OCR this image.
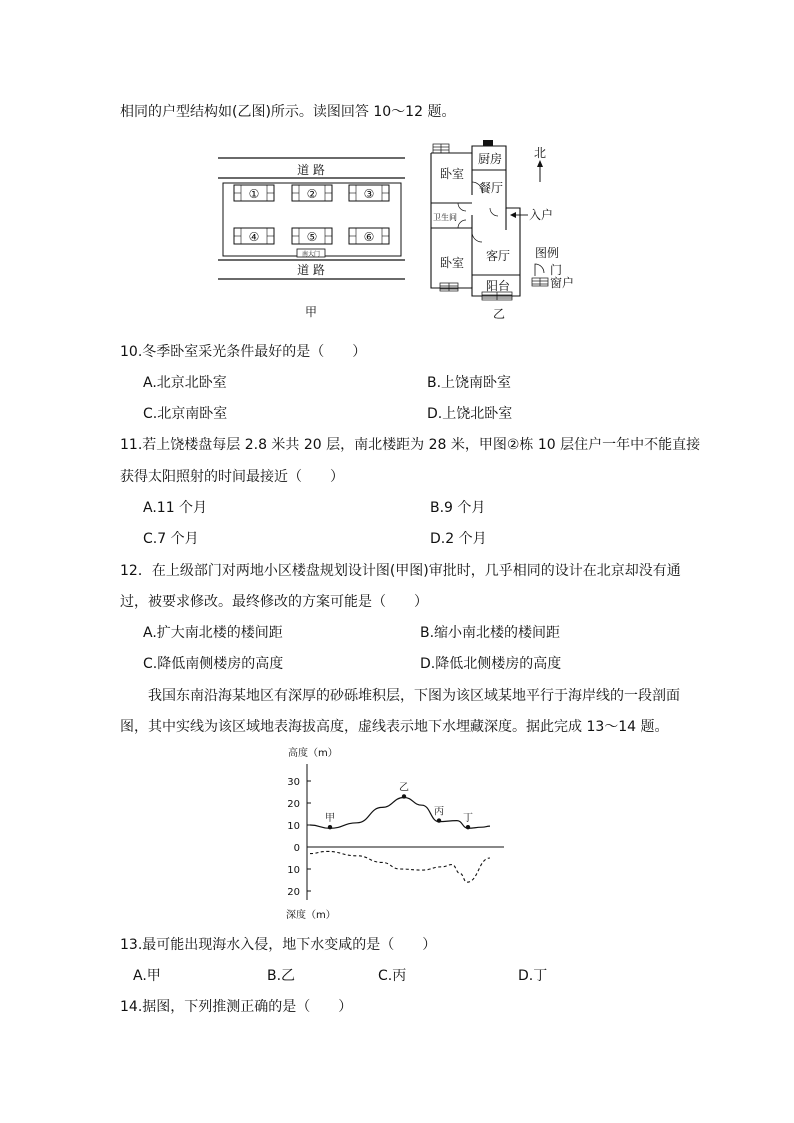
相同的户型结构如(乙图)所示。读图回答 10～12 题。
道 路
①	②	③
④	⑤	⑥
南大门
道 路
甲
卧室
厨房
餐厅
卫生间
卧室 客厅
阳台
入户
北
图例
门
窗户
乙
10.冬季卧室采光条件最好的是（　　）
A.北京北卧室	B.上饶南卧室
C.北京南卧室	D.上饶北卧室
11.若上饶楼盘每层 2.8 米共 20 层，南北楼距为 28 米，甲图②栋 10 层住户一年中不能直接
获得太阳照射的时间最接近（　　）
A.11 个月	B.9 个月
C.7 个月	D.2 个月
12．在上级部门对两地小区楼盘规划设计图(甲图)审批时，几乎相同的设计在北京却没有通
过，被要求修改。最终修改的方案可能是（　　）
A.扩大南北楼的楼间距	B.缩小南北楼的楼间距
C.降低南侧楼房的高度	D.降低北侧楼房的高度
我国东南沿海某地区有深厚的砂砾堆积层，下图为该区域某地平行于海岸线的一段剖面
图，其中实线为该区域地表海拔高度，虚线表示地下水埋藏深度。据此完成 13～14 题。
高度（m）
30
20
10
0
10
20
甲
乙
丙
丁
深度（m）
13.最可能出现海水入侵，地下水变咸的是（　　）
A.甲	B.乙	C.丙	D.丁
14.据图，下列推测正确的是（　　）
